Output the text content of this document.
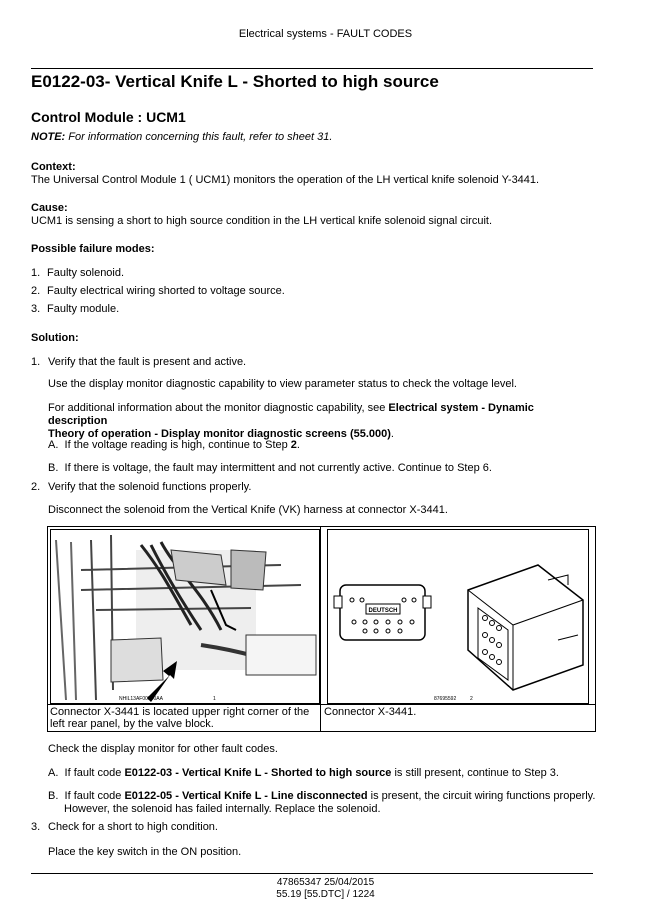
Electrical systems - FAULT CODES
E0122-03- Vertical Knife L - Shorted to high source
Control Module : UCM1
NOTE: For information concerning this fault, refer to sheet 31.
Context:
The Universal Control Module 1 ( UCM1) monitors the operation of the LH vertical knife solenoid Y-3441.
Cause:
UCM1 is sensing a short to high source condition in the LH vertical knife solenoid signal circuit.
Possible failure modes:
1. Faulty solenoid.
2. Faulty electrical wiring shorted to voltage source.
3. Faulty module.
Solution:
1. Verify that the fault is present and active.
Use the display monitor diagnostic capability to view parameter status to check the voltage level.
For additional information about the monitor diagnostic capability, see Electrical system - Dynamic description
Theory of operation - Display monitor diagnostic screens (55.000).
A. If the voltage reading is high, continue to Step 2.
B. If there is voltage, the fault may intermittent and not currently active. Continue to Step 6.
2. Verify that the solenoid functions properly.
Disconnect the solenoid from the Vertical Knife (VK) harness at connector X-3441.
NHIL13AF00380AA	1
DEUTSCH
87695592	2
Connector X-3441 is located upper right corner of the left rear panel, by the valve block.
Connector X-3441.
Check the display monitor for other fault codes.
A. If fault code E0122-03 - Vertical Knife L - Shorted to high source is still present, continue to Step 3.
B. If fault code E0122-05 - Vertical Knife L - Line disconnected is present, the circuit wiring functions properly.
However, the solenoid has failed internally. Replace the solenoid.
3. Check for a short to high condition.
Place the key switch in the ON position.
47865347 25/04/2015
55.19 [55.DTC] / 1224
